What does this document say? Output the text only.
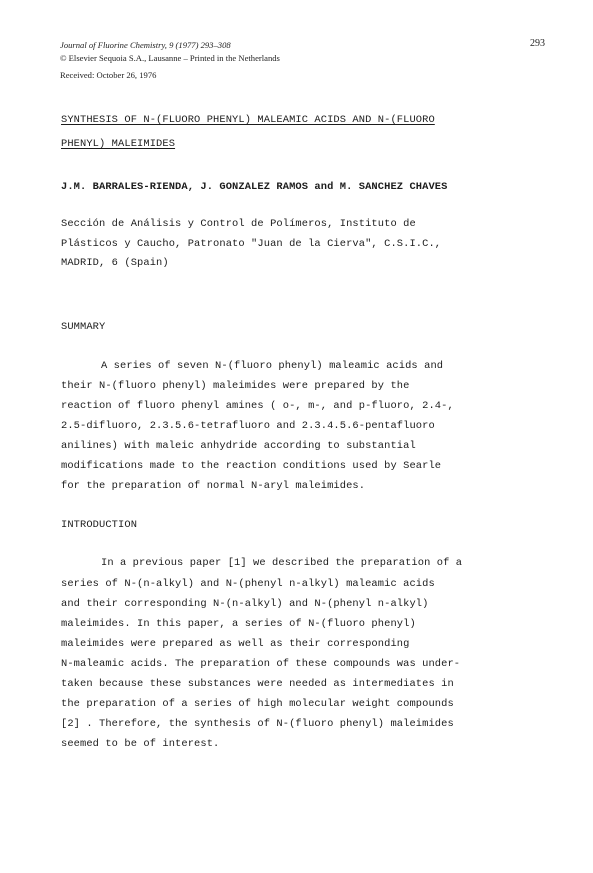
Journal of Fluorine Chemistry, 9 (1977) 293–308	293
© Elsevier Sequoia S.A., Lausanne – Printed in the Netherlands
Received: October 26, 1976
SYNTHESIS OF N-(FLUORO PHENYL) MALEAMIC ACIDS AND N-(FLUORO
PHENYL) MALEIMIDES
J.M. BARRALES-RIENDA, J. GONZALEZ RAMOS and M. SANCHEZ CHAVES
Sección de Análisis y Control de Polímeros, Instituto de
Plásticos y Caucho, Patronato "Juan de la Cierva", C.S.I.C.,
MADRID, 6 (Spain)
SUMMARY
A series of seven N-(fluoro phenyl) maleamic acids and
their N-(fluoro phenyl) maleimides were prepared by the
reaction of fluoro phenyl amines ( o-, m-, and p-fluoro, 2.4-,
2.5-difluoro, 2.3.5.6-tetrafluoro and 2.3.4.5.6-pentafluoro
anilines) with maleic anhydride according to substantial
modifications made to the reaction conditions used by Searle
for the preparation of normal N-aryl maleimides.
INTRODUCTION
In a previous paper [1] we described the preparation of a
series of N-(n-alkyl) and N-(phenyl n-alkyl) maleamic acids
and their corresponding N-(n-alkyl) and N-(phenyl n-alkyl)
maleimides. In this paper, a series of N-(fluoro phenyl)
maleimides were prepared as well as their corresponding
N-maleamic acids. The preparation of these compounds was under-
taken because these substances were needed as intermediates in
the preparation of a series of high molecular weight compounds
[2] . Therefore, the synthesis of N-(fluoro phenyl) maleimides
seemed to be of interest.
